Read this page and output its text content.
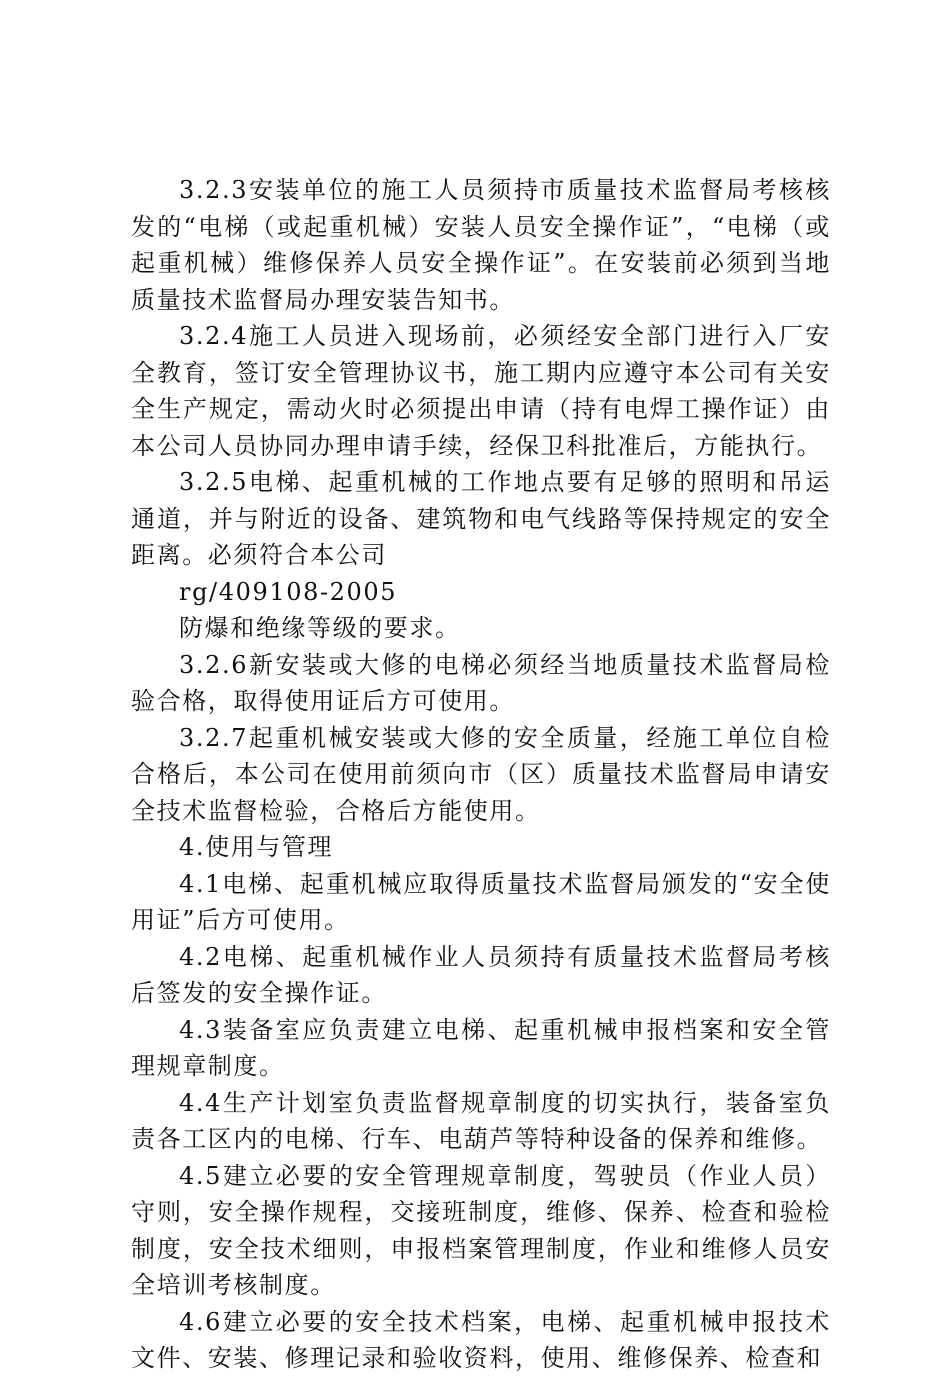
3.2.3安装单位的施工人员须持市质量技术监督局考核核发的“电梯（或起重机械）安装人员安全操作证”，“电梯（或起重机械）维修保养人员安全操作证”。在安装前必须到当地质量技术监督局办理安装告知书。

3.2.4施工人员进入现场前，必须经安全部门进行入厂安全教育，签订安全管理协议书，施工期内应遵守本公司有关安全生产规定，需动火时必须提出申请（持有电焊工操作证）由本公司人员协同办理申请手续，经保卫科批准后，方能执行。

3.2.5电梯、起重机械的工作地点要有足够的照明和吊运通道，并与附近的设备、建筑物和电气线路等保持规定的安全距离。必须符合本公司

rg/409108-2005

防爆和绝缘等级的要求。

3.2.6新安装或大修的电梯必须经当地质量技术监督局检验合格，取得使用证后方可使用。

3.2.7起重机械安装或大修的安全质量，经施工单位自检合格后，本公司在使用前须向市（区）质量技术监督局申请安全技术监督检验，合格后方能使用。

4.使用与管理

4.1电梯、起重机械应取得质量技术监督局颁发的“安全使用证”后方可使用。

4.2电梯、起重机械作业人员须持有质量技术监督局考核后签发的安全操作证。

4.3装备室应负责建立电梯、起重机械申报档案和安全管理规章制度。

4.4生产计划室负责监督规章制度的切实执行，装备室负责各工区内的电梯、行车、电葫芦等特种设备的保养和维修。

4.5建立必要的安全管理规章制度，驾驶员（作业人员）守则，安全操作规程，交接班制度，维修、保养、检查和验检制度，安全技术细则，申报档案管理制度，作业和维修人员安全培训考核制度。

4.6建立必要的安全技术档案，电梯、起重机械申报技术文件、安装、修理记录和验收资料，使用、维修保养、检查和
